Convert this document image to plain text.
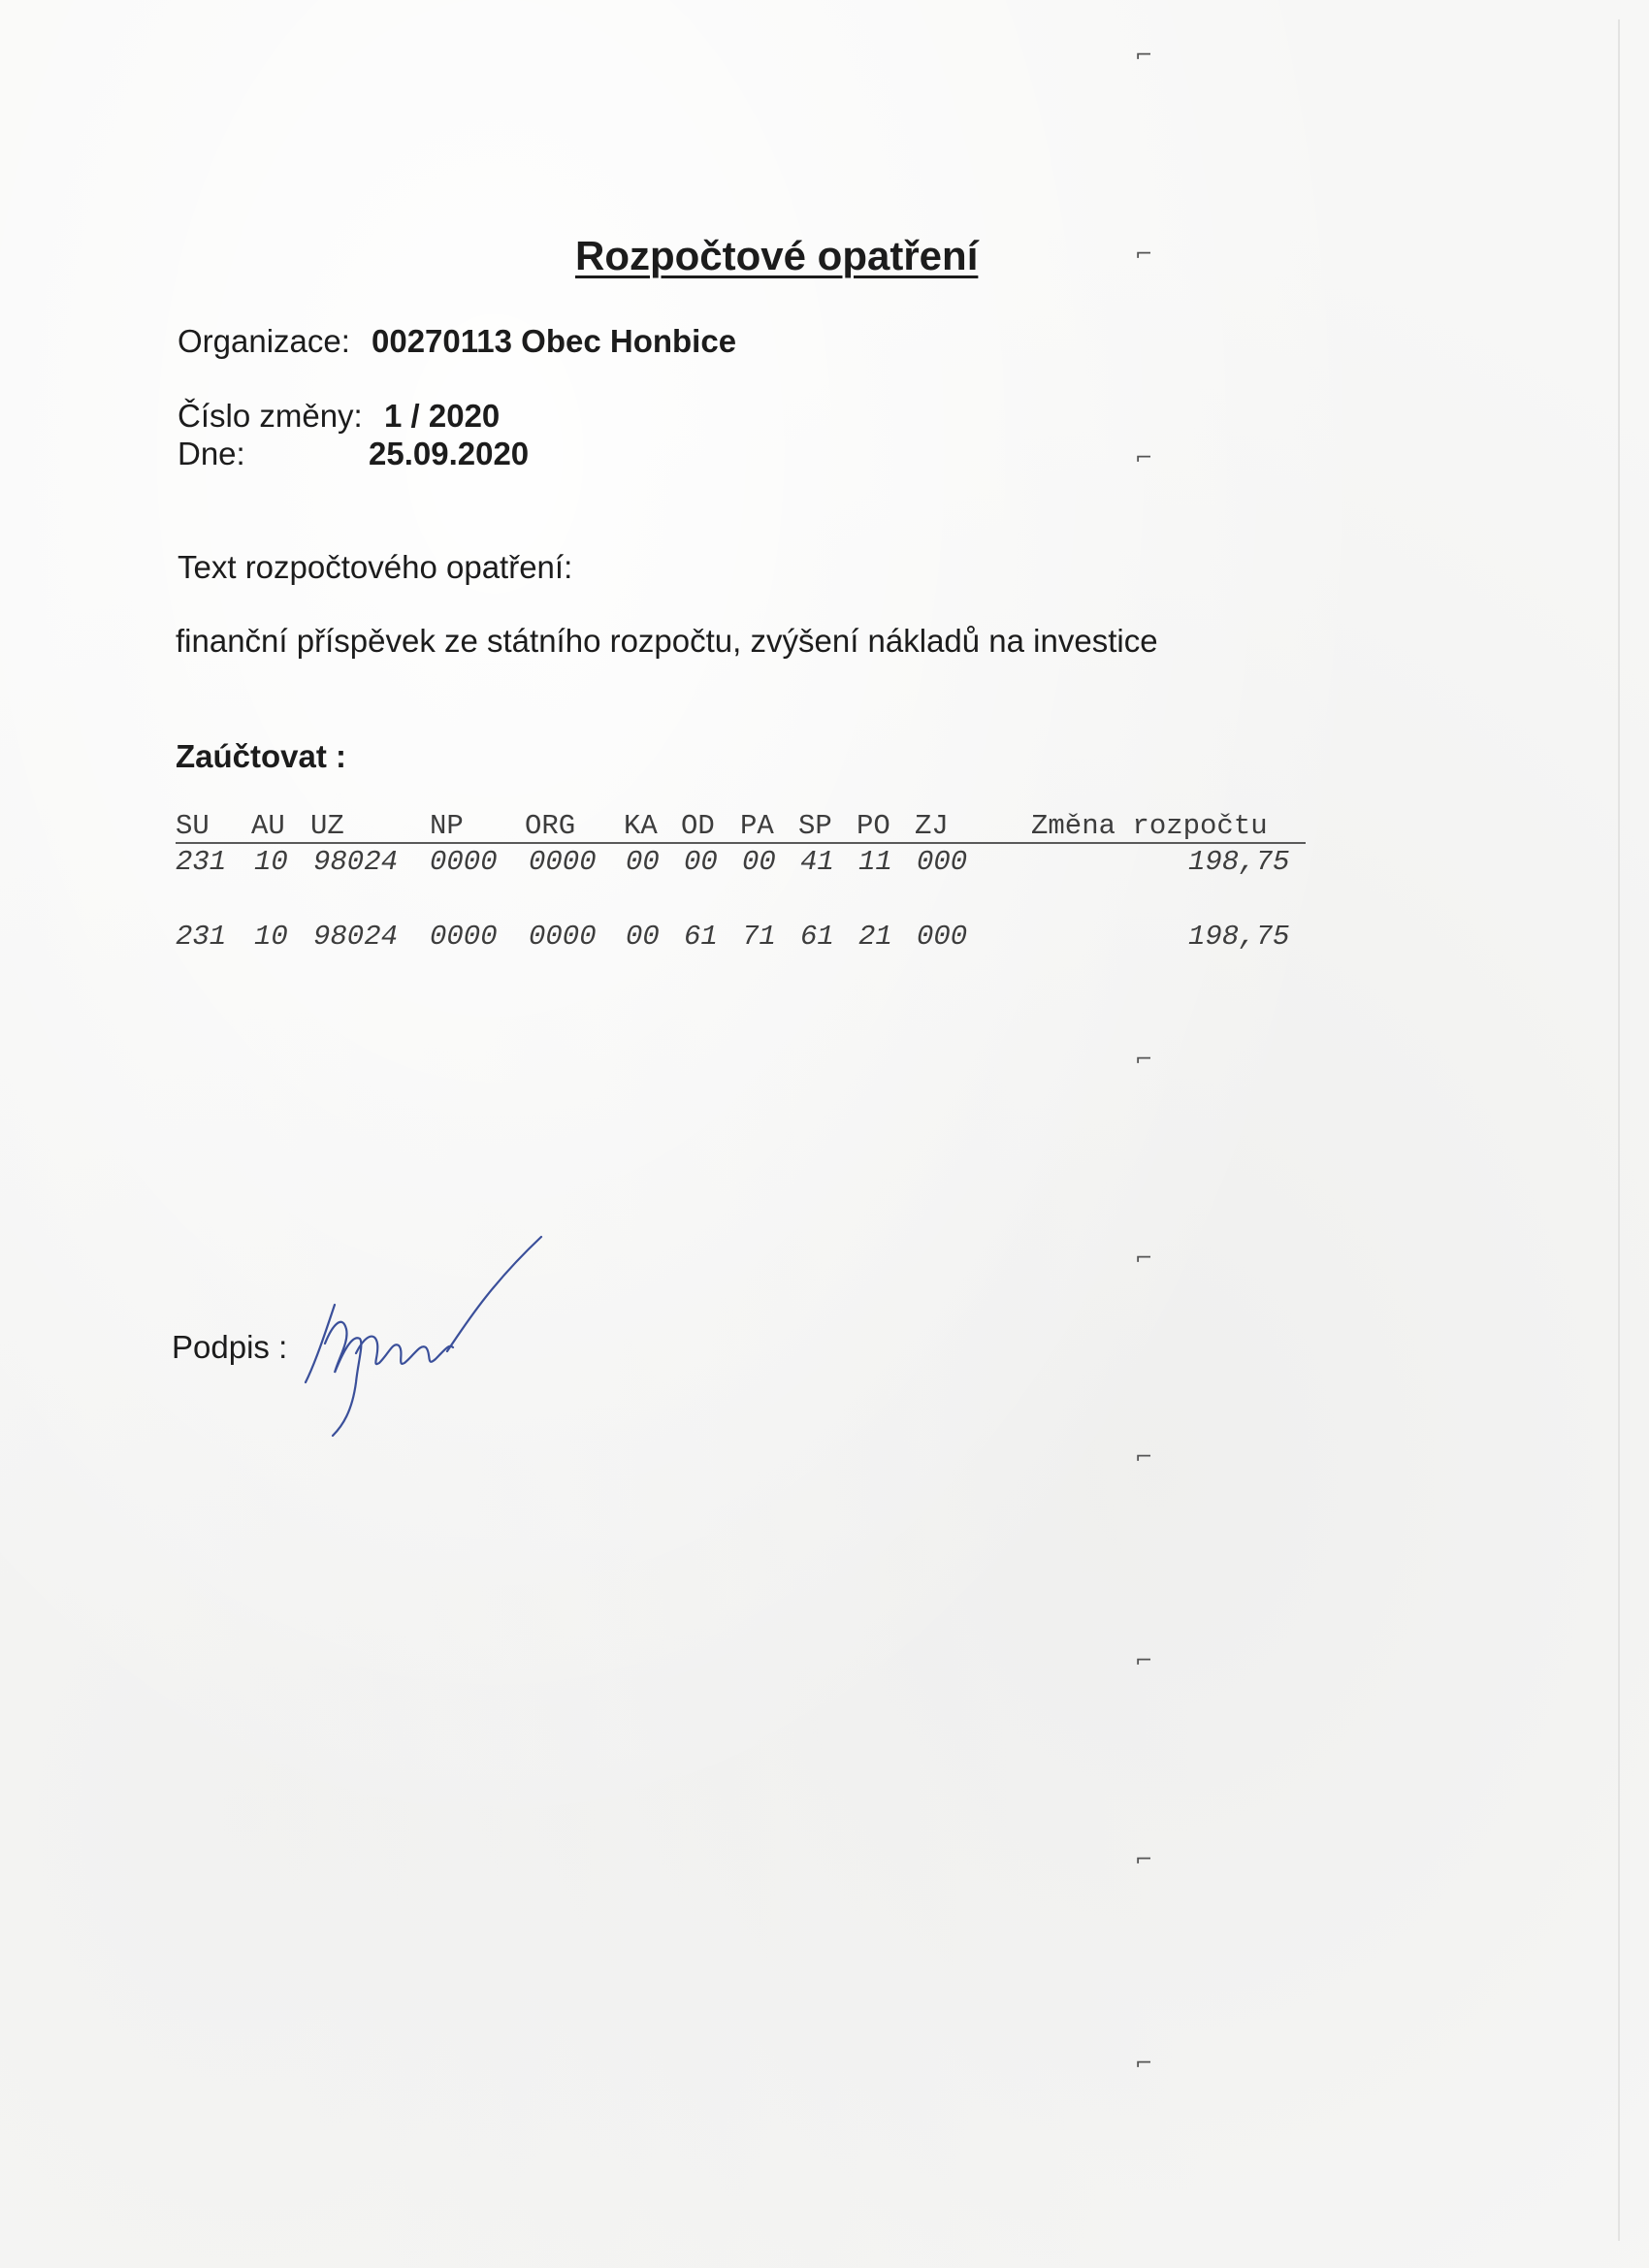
Rozpočtové opatření
Organizace: 00270113 Obec Honbice
Číslo změny: 1 / 2020
Dne:	25.09.2020
Text rozpočtového opatření:
finanční příspěvek ze státního rozpočtu, zvýšení nákladů na investice
Zaúčtovat :
SU AU UZ	NP ORG KA OD PA SP PO ZJ	Změna rozpočtu
231 10 98024 0000 0000 00 00 00 41 11 000	198,75
231 10 98024 0000 0000 00 61 71 61 21 000	198,75
Podpis :
⌐
⌐
⌐
⌐
⌐
⌐
⌐
⌐
⌐
